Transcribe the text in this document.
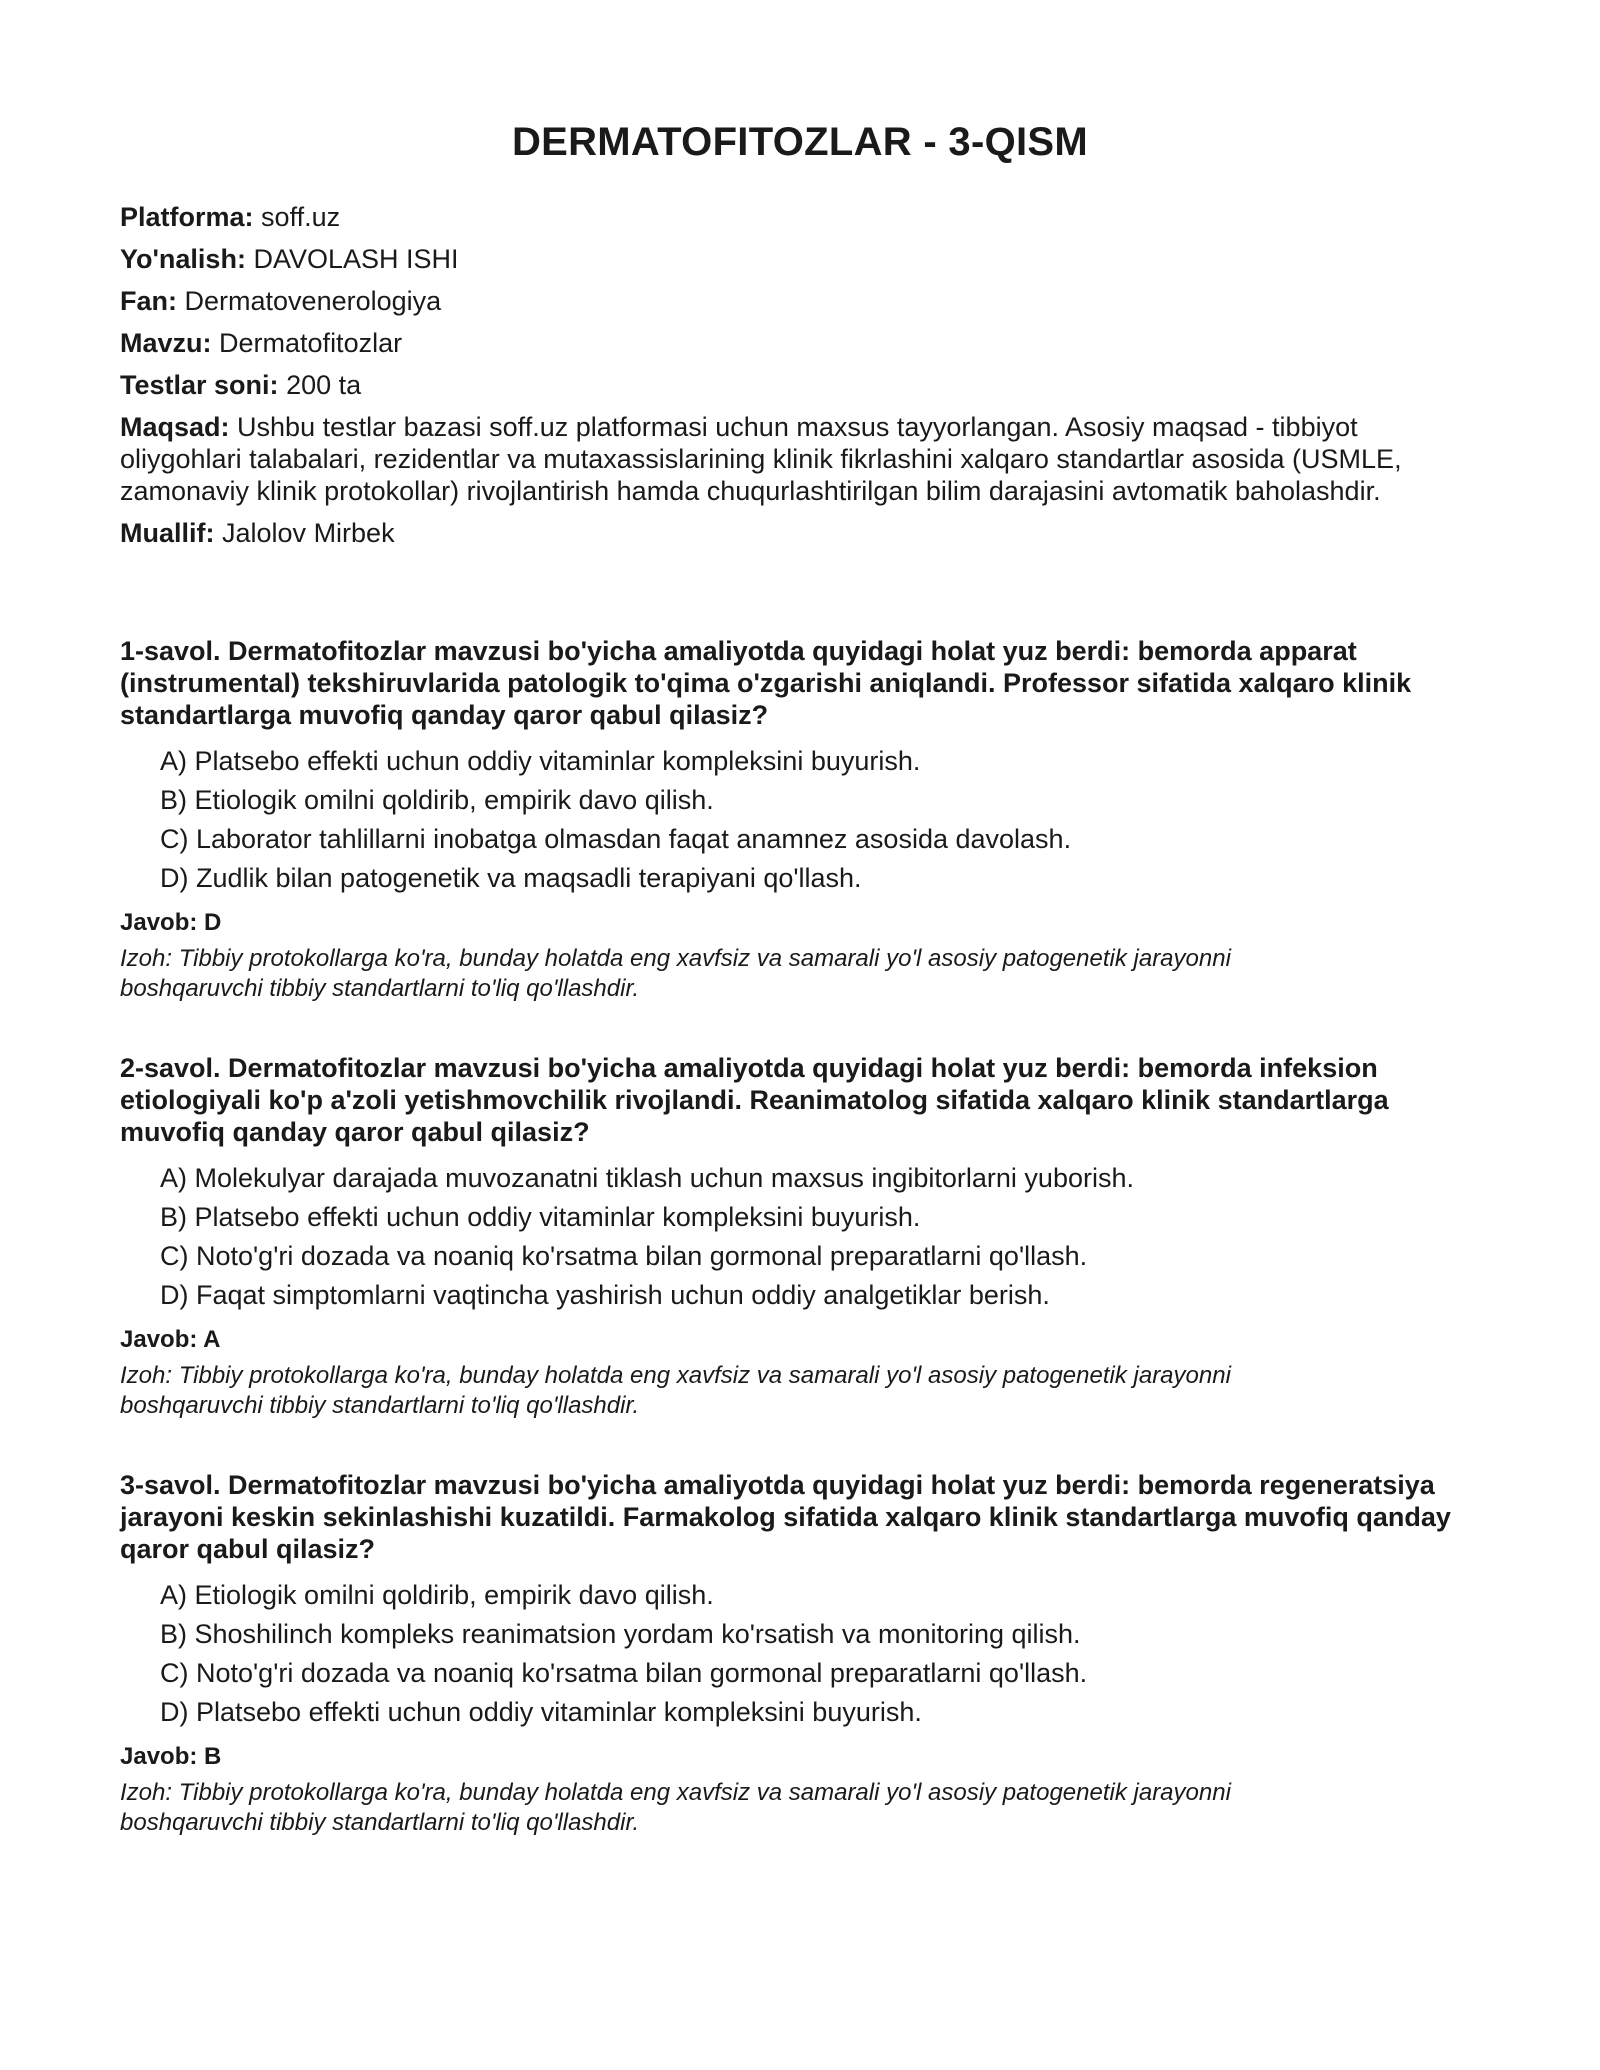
DERMATOFITOZLAR - 3-QISM

Platforma: soff.uz

Yo'nalish: DAVOLASH ISHI

Fan: Dermatovenerologiya

Mavzu: Dermatofitozlar

Testlar soni: 200 ta

Maqsad: Ushbu testlar bazasi soff.uz platformasi uchun maxsus tayyorlangan. Asosiy maqsad - tibbiyot oliygohlari talabalari, rezidentlar va mutaxassislarining klinik fikrlashini xalqaro standartlar asosida (USMLE, zamonaviy klinik protokollar) rivojlantirish hamda chuqurlashtirilgan bilim darajasini avtomatik baholashdir.

Muallif: Jalolov Mirbek

1-savol. Dermatofitozlar mavzusi bo'yicha amaliyotda quyidagi holat yuz berdi: bemorda apparat (instrumental) tekshiruvlarida patologik to'qima o'zgarishi aniqlandi. Professor sifatida xalqaro klinik standartlarga muvofiq qanday qaror qabul qilasiz?

A) Platsebo effekti uchun oddiy vitaminlar kompleksini buyurish.
B) Etiologik omilni qoldirib, empirik davo qilish.
C) Laborator tahlillarni inobatga olmasdan faqat anamnez asosida davolash.
D) Zudlik bilan patogenetik va maqsadli terapiyani qo'llash.

Javob: D

Izoh: Tibbiy protokollarga ko'ra, bunday holatda eng xavfsiz va samarali yo'l asosiy patogenetik jarayonni boshqaruvchi tibbiy standartlarni to'liq qo'llashdir.

2-savol. Dermatofitozlar mavzusi bo'yicha amaliyotda quyidagi holat yuz berdi: bemorda infeksion etiologiyali ko'p a'zoli yetishmovchilik rivojlandi. Reanimatolog sifatida xalqaro klinik standartlarga muvofiq qanday qaror qabul qilasiz?

A) Molekulyar darajada muvozanatni tiklash uchun maxsus ingibitorlarni yuborish.
B) Platsebo effekti uchun oddiy vitaminlar kompleksini buyurish.
C) Noto'g'ri dozada va noaniq ko'rsatma bilan gormonal preparatlarni qo'llash.
D) Faqat simptomlarni vaqtincha yashirish uchun oddiy analgetiklar berish.

Javob: A

Izoh: Tibbiy protokollarga ko'ra, bunday holatda eng xavfsiz va samarali yo'l asosiy patogenetik jarayonni boshqaruvchi tibbiy standartlarni to'liq qo'llashdir.

3-savol. Dermatofitozlar mavzusi bo'yicha amaliyotda quyidagi holat yuz berdi: bemorda regeneratsiya jarayoni keskin sekinlashishi kuzatildi. Farmakolog sifatida xalqaro klinik standartlarga muvofiq qanday qaror qabul qilasiz?

A) Etiologik omilni qoldirib, empirik davo qilish.
B) Shoshilinch kompleks reanimatsion yordam ko'rsatish va monitoring qilish.
C) Noto'g'ri dozada va noaniq ko'rsatma bilan gormonal preparatlarni qo'llash.
D) Platsebo effekti uchun oddiy vitaminlar kompleksini buyurish.

Javob: B

Izoh: Tibbiy protokollarga ko'ra, bunday holatda eng xavfsiz va samarali yo'l asosiy patogenetik jarayonni boshqaruvchi tibbiy standartlarni to'liq qo'llashdir.
